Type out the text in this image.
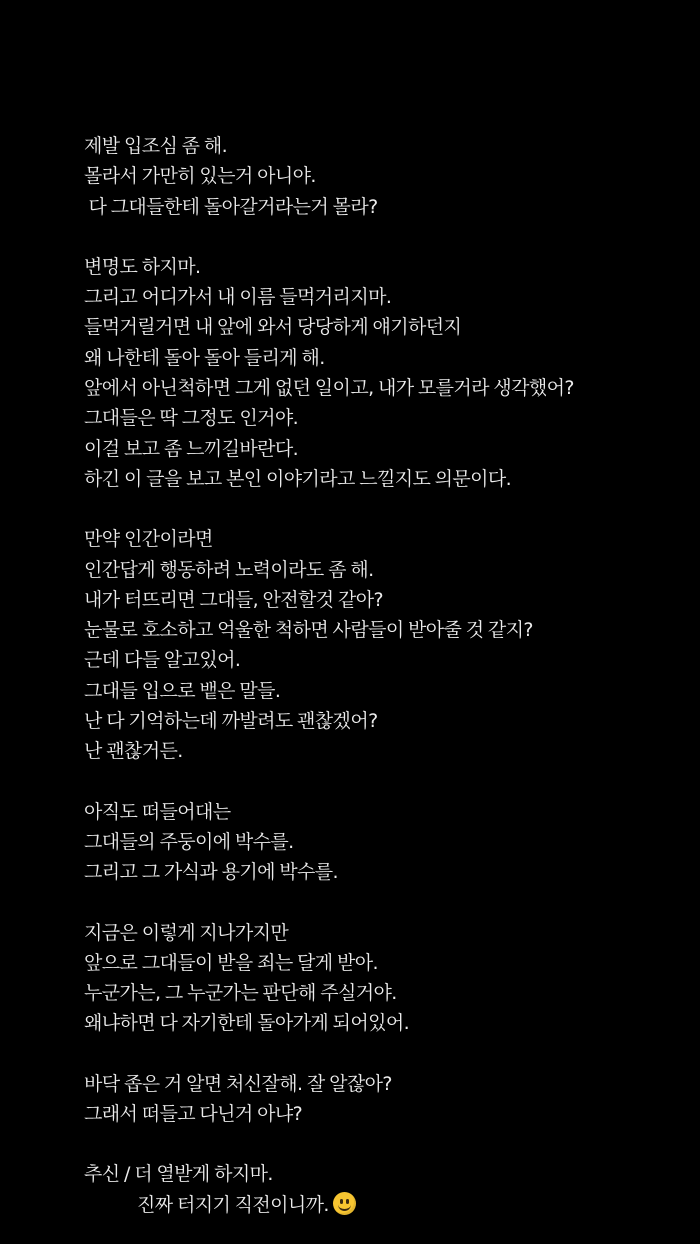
제발 입조심 좀 해.
몰라서 가만히 있는거 아니야.
다 그대들한테 돌아갈거라는거 몰라?
변명도 하지마.
그리고 어디가서 내 이름 들먹거리지마.
들먹거릴거면 내 앞에 와서 당당하게 얘기하던지
왜 나한테 돌아 돌아 들리게 해.
앞에서 아닌척하면 그게 없던 일이고, 내가 모를거라 생각했어?
그대들은 딱 그정도 인거야.
이걸 보고 좀 느끼길바란다.
하긴 이 글을 보고 본인 이야기라고 느낄지도 의문이다.
만약 인간이라면
인간답게 행동하려 노력이라도 좀 해.
내가 터뜨리면 그대들, 안전할것 같아?
눈물로 호소하고 억울한 척하면 사람들이 받아줄 것 같지?
근데 다들 알고있어.
그대들 입으로 뱉은 말들.
난 다 기억하는데 까발려도 괜찮겠어?
난 괜찮거든.
아직도 떠들어대는
그대들의 주둥이에 박수를.
그리고 그 가식과 용기에 박수를.
지금은 이렇게 지나가지만
앞으로 그대들이 받을 죄는 달게 받아.
누군가는, 그 누군가는 판단해 주실거야.
왜냐하면 다 자기한테 돌아가게 되어있어.
바닥 좁은 거 알면 처신잘해. 잘 알잖아?
그래서 떠들고 다닌거 아냐?
추신 / 더 열받게 하지마.
진짜 터지기 직전이니까.
